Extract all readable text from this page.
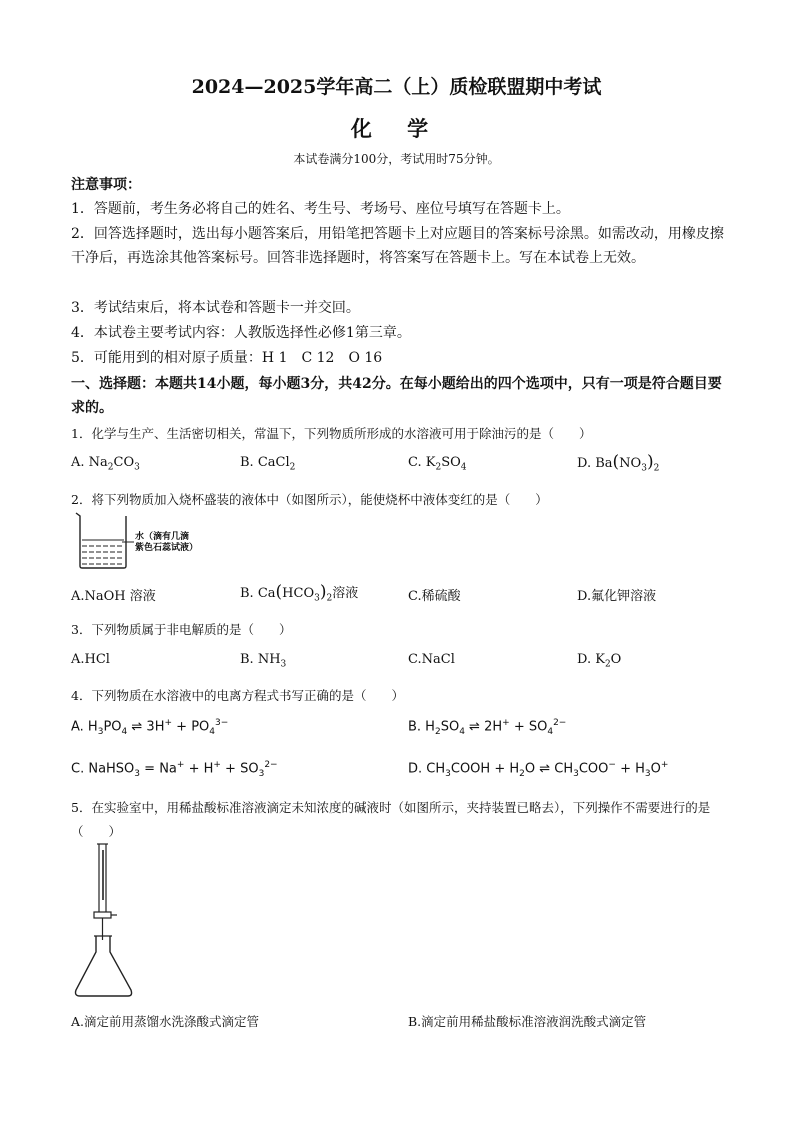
2024—2025学年高二（上）质检联盟期中考试
化 学
本试卷满分100分，考试用时75分钟。
注意事项：
1．答题前，考生务必将自己的姓名、考生号、考场号、座位号填写在答题卡上。
2．回答选择题时，选出每小题答案后，用铅笔把答题卡上对应题目的答案标号涂黑。如需改动，用橡皮擦干净后，再选涂其他答案标号。回答非选择题时，将答案写在答题卡上。写在本试卷上无效。
3．考试结束后，将本试卷和答题卡一并交回。
4．本试卷主要考试内容：人教版选择性必修1第三章。
5．可能用到的相对原子质量：H 1　C 12　O 16
一、选择题：本题共14小题，每小题3分，共42分。在每小题给出的四个选项中，只有一项是符合题目要求的。
1．化学与生产、生活密切相关，常温下，下列物质所形成的水溶液可用于除油污的是（　　）
A. $Na_2CO_3$	B. CaCl$_2$	C. $K_2SO_4$	D. $Ba(NO_3)_2$
2．将下列物质加入烧杯盛装的液体中（如图所示），能使烧杯中液体变红的是（　　）
水（滴有几滴
紫色石蕊试液）
A.NaOH 溶液	B. $Ca(HCO_3)_2$溶液	C.稀硫酸	D.氟化钾溶液
3．下列物质属于非电解质的是（　　）
A.HCl	B. $NH_3$	C.NaCl	D. $K_2O$
4．下列物质在水溶液中的电离方程式书写正确的是（　　）
A. $H_3PO_4$ ⇌ $3H^+ + PO_4^{3-}$	B. $H_2SO_4$ ⇌ $2H^+ + SO_4^{2-}$
C. NaHSO$_3$ = $Na^+ + H^+ + SO_3^{2-}$	D. $CH_3COOH + H_2O$ ⇌ $CH_3COO^- + H_3O^+$
5．在实验室中，用稀盐酸标准溶液滴定未知浓度的碱液时（如图所示，夹持装置已略去），下列操作不需要进行的是（　　）
A.滴定前用蒸馏水洗涤酸式滴定管	B.滴定前用稀盐酸标准溶液润洗酸式滴定管
